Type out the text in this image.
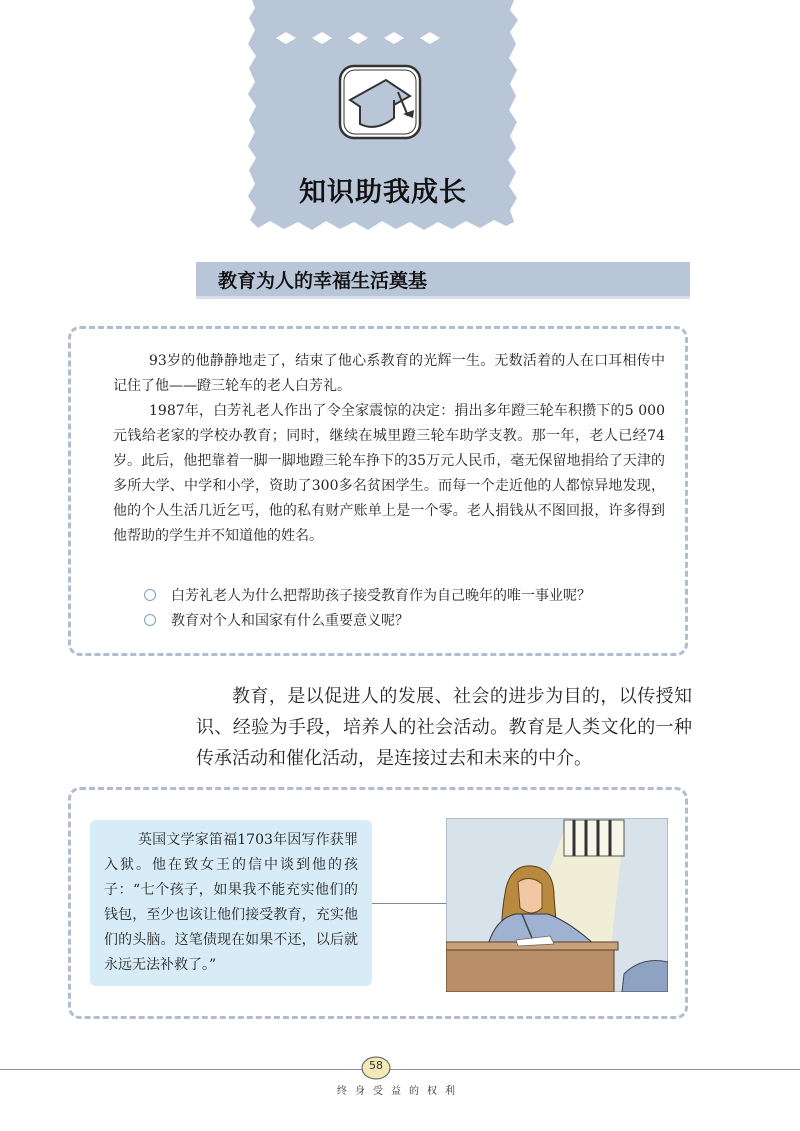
知识助我成长
教育为人的幸福生活奠基
93岁的他静静地走了，结束了他心系教育的光辉一生。无数活着的人在口耳相传中记住了他——蹬三轮车的老人白芳礼。
1987年，白芳礼老人作出了令全家震惊的决定：捐出多年蹬三轮车积攒下的5 000元钱给老家的学校办教育；同时，继续在城里蹬三轮车助学支教。那一年，老人已经74岁。此后，他把靠着一脚一脚地蹬三轮车挣下的35万元人民币，毫无保留地捐给了天津的多所大学、中学和小学，资助了300多名贫困学生。而每一个走近他的人都惊异地发现，他的个人生活几近乞丐，他的私有财产账单上是一个零。老人捐钱从不图回报，许多得到他帮助的学生并不知道他的姓名。
白芳礼老人为什么把帮助孩子接受教育作为自己晚年的唯一事业呢？
教育对个人和国家有什么重要意义呢？
教育，是以促进人的发展、社会的进步为目的，以传授知识、经验为手段，培养人的社会活动。教育是人类文化的一种传承活动和催化活动，是连接过去和未来的中介。
英国文学家笛福1703年因写作获罪入狱。他在致女王的信中谈到他的孩子：“七个孩子，如果我不能充实他们的钱包，至少也该让他们接受教育，充实他们的头脑。这笔债现在如果不还，以后就永远无法补救了。”
58
终身受益的权利
